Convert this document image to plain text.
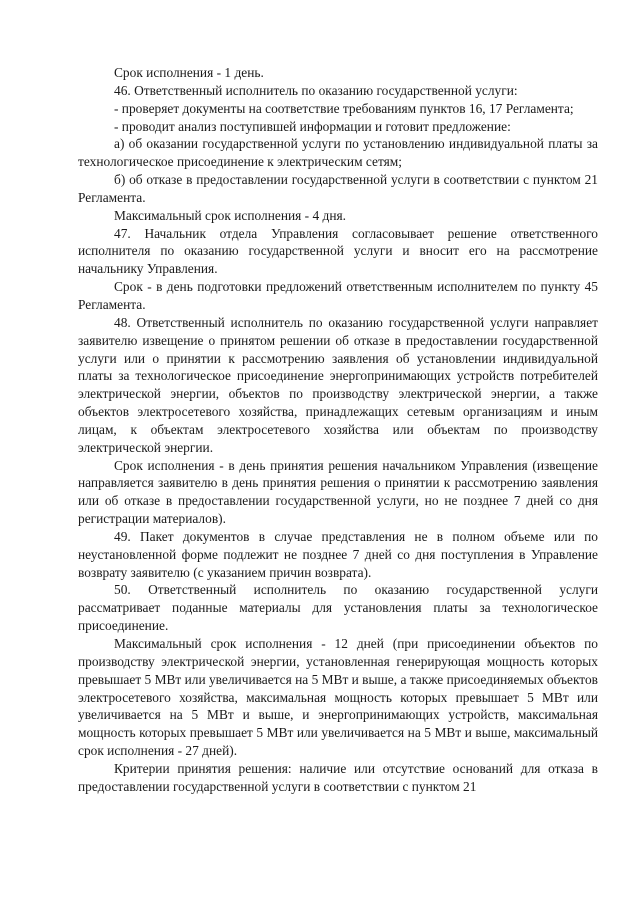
Срок исполнения - 1 день.

46. Ответственный исполнитель по оказанию государственной услуги:

- проверяет документы на соответствие требованиям пунктов 16, 17 Регламента;

- проводит анализ поступившей информации и готовит предложение:

а) об оказании государственной услуги по установлению индивидуальной платы за технологическое присоединение к электрическим сетям;

б) об отказе в предоставлении государственной услуги в соответствии с пунктом 21 Регламента.

Максимальный срок исполнения - 4 дня.

47. Начальник отдела Управления согласовывает решение ответственного исполнителя по оказанию государственной услуги и вносит его на рассмотрение начальнику Управления.

Срок - в день подготовки предложений ответственным исполнителем по пункту 45 Регламента.

48. Ответственный исполнитель по оказанию государственной услуги направляет заявителю извещение о принятом решении об отказе в предоставлении государственной услуги или о принятии к рассмотрению заявления об установлении индивидуальной платы за технологическое присоединение энергопринимающих устройств потребителей электрической энергии, объектов по производству электрической энергии, а также объектов электросетевого хозяйства, принадлежащих сетевым организациям и иным лицам, к объектам электросетевого хозяйства или объектам по производству электрической энергии.

Срок исполнения - в день принятия решения начальником Управления (извещение направляется заявителю в день принятия решения о принятии к рассмотрению заявления или об отказе в предоставлении государственной услуги, но не позднее 7 дней со дня регистрации материалов).

49. Пакет документов в случае представления не в полном объеме или по неустановленной форме подлежит не позднее 7 дней со дня поступления в Управление возврату заявителю (с указанием причин возврата).

50. Ответственный исполнитель по оказанию государственной услуги рассматривает поданные материалы для установления платы за технологическое присоединение.

Максимальный срок исполнения - 12 дней (при присоединении объектов по производству электрической энергии, установленная генерирующая мощность которых превышает 5 МВт или увеличивается на 5 МВт и выше, а также присоединяемых объектов электросетевого хозяйства, максимальная мощность которых превышает 5 МВт или увеличивается на 5 МВт и выше, и энергопринимающих устройств, максимальная мощность которых превышает 5 МВт или увеличивается на 5 МВт и выше, максимальный срок исполнения - 27 дней).

Критерии принятия решения: наличие или отсутствие оснований для отказа в предоставлении государственной услуги в соответствии с пунктом 21
